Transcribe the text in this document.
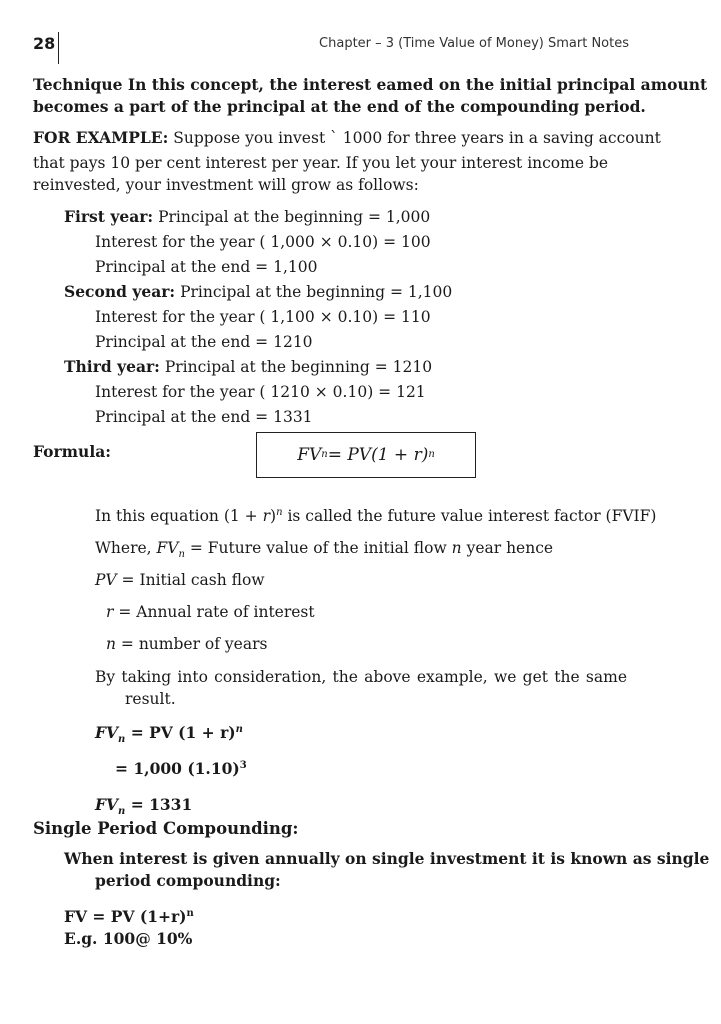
28	Chapter – 3 (Time Value of Money) Smart Notes
Technique In this concept, the interest eamed on the initial principal amount
becomes a part of the principal at the end of the compounding period.
FOR EXAMPLE: Suppose you invest ` 1000 for three years in a saving account
that pays 10 per cent interest per year. If you let your interest income be
reinvested, your investment will grow as follows:
First year: Principal at the beginning = 1,000
Interest for the year ( 1,000 × 0.10) = 100
Principal at the end = 1,100
Second year: Principal at the beginning = 1,100
Interest for the year ( 1,100 × 0.10) = 110
Principal at the end = 1210
Third year: Principal at the beginning = 1210
Interest for the year ( 1210 × 0.10) = 121
Principal at the end = 1331
Formula:	FV n = PV(1 + r) n
In this equation $(1 + r)^n$ is called the future value interest factor (FVIF)
Where, $FV_n$ = Future value of the initial flow n year hence
PV = Initial cash flow
r = Annual rate of interest
n = number of years
By taking into consideration, the above example, we get the same
result.
$FV_n$ = PV $(1 + r)^n$
= 1,000 $(1.10)^3$
$FV_n = 1331$
Single Period Compounding:
When interest is given annually on single investment it is known as single
period compounding:
FV = PV $(1+r)^n$
E.g. 100@ 10%
